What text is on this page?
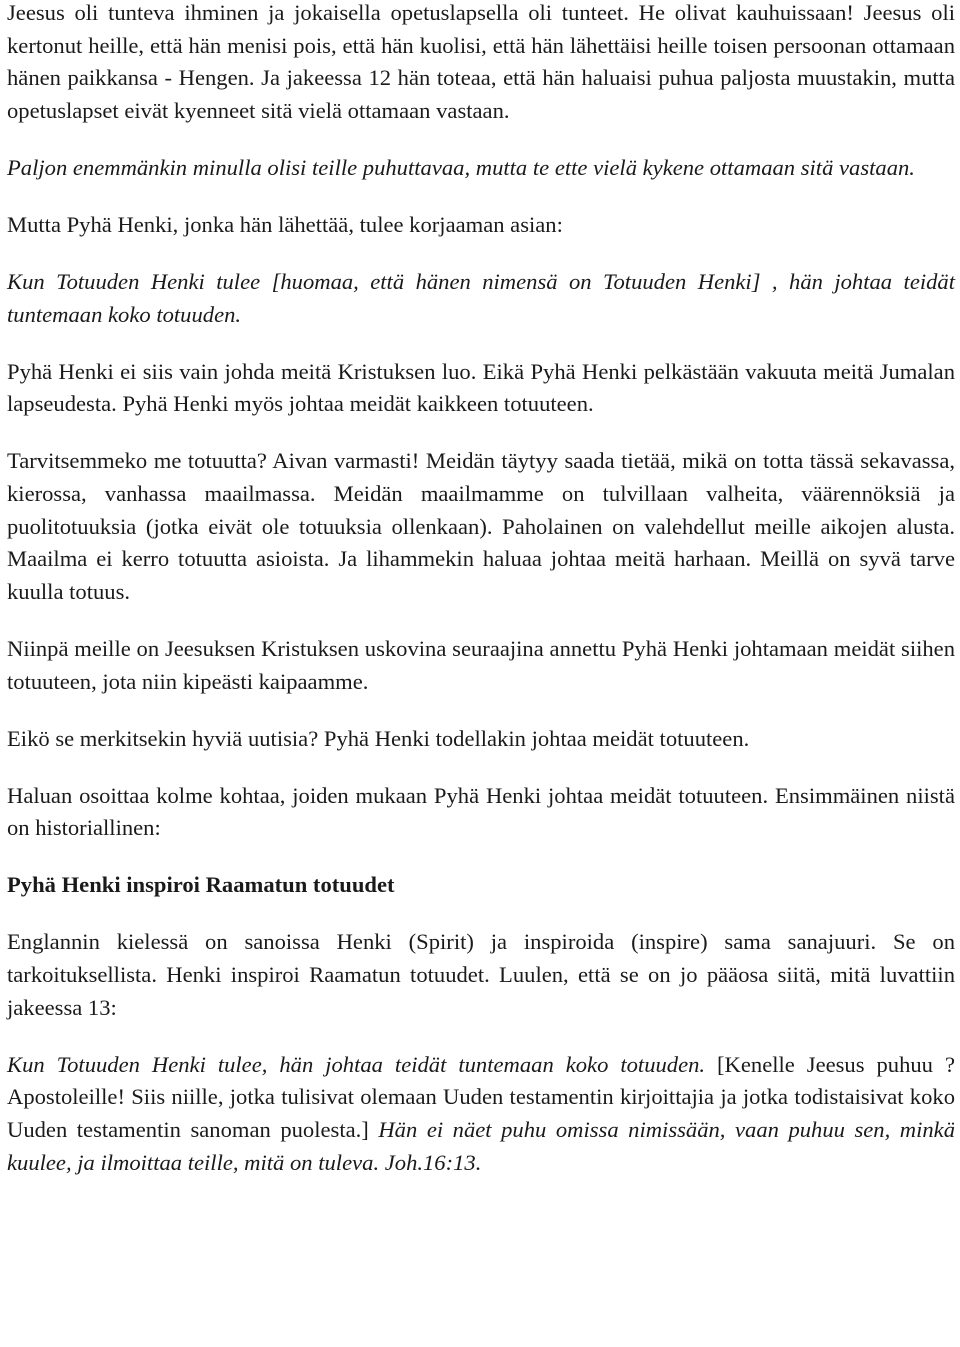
Jeesus oli tunteva ihminen ja jokaisella opetuslapsella oli tunteet. He olivat kauhuissaan! Jeesus oli kertonut heille, että hän menisi pois, että hän kuolisi, että hän lähettäisi heille toisen persoonan ottamaan hänen paikkansa - Hengen. Ja jakeessa 12 hän toteaa, että hän haluaisi puhua paljosta muustakin, mutta opetuslapset eivät kyenneet sitä vielä ottamaan vastaan.

Paljon enemmänkin minulla olisi teille puhuttavaa, mutta te ette vielä kykene ottamaan sitä vastaan.

Mutta Pyhä Henki, jonka hän lähettää, tulee korjaaman asian:

Kun Totuuden Henki tulee [huomaa, että hänen nimensä on Totuuden Henki] , hän johtaa teidät tuntemaan koko totuuden.

Pyhä Henki ei siis vain johda meitä Kristuksen luo. Eikä Pyhä Henki pelkästään vakuuta meitä Jumalan lapseudesta. Pyhä Henki myös johtaa meidät kaikkeen totuuteen.

Tarvitsemmeko me totuutta? Aivan varmasti! Meidän täytyy saada tietää, mikä on totta tässä sekavassa, kierossa, vanhassa maailmassa. Meidän maailmamme on tulvillaan valheita, väärennöksiä ja puolitotuuksia (jotka eivät ole totuuksia ollenkaan). Paholainen on valehdellut meille aikojen alusta. Maailma ei kerro totuutta asioista. Ja lihammekin haluaa johtaa meitä harhaan. Meillä on syvä tarve kuulla totuus.

Niinpä meille on Jeesuksen Kristuksen uskovina seuraajina annettu Pyhä Henki johtamaan meidät siihen totuuteen, jota niin kipeästi kaipaamme.

Eikö se merkitsekin hyviä uutisia? Pyhä Henki todellakin johtaa meidät totuuteen.

Haluan osoittaa kolme kohtaa, joiden mukaan Pyhä Henki johtaa meidät totuuteen. Ensimmäinen niistä on historiallinen:

Pyhä Henki inspiroi Raamatun totuudet

Englannin kielessä on sanoissa Henki (Spirit) ja inspiroida (inspire) sama sanajuuri. Se on tarkoituksellista. Henki inspiroi Raamatun totuudet. Luulen, että se on jo pääosa siitä, mitä luvattiin jakeessa 13:

Kun Totuuden Henki tulee, hän johtaa teidät tuntemaan koko totuuden. [Kenelle Jeesus puhuu ? Apostoleille! Siis niille, jotka tulisivat olemaan Uuden testamentin kirjoittajia ja jotka todistaisivat koko Uuden testamentin sanoman puolesta.] Hän ei näet puhu omissa nimissään, vaan puhuu sen, minkä kuulee, ja ilmoittaa teille, mitä on tuleva. Joh.16:13.
